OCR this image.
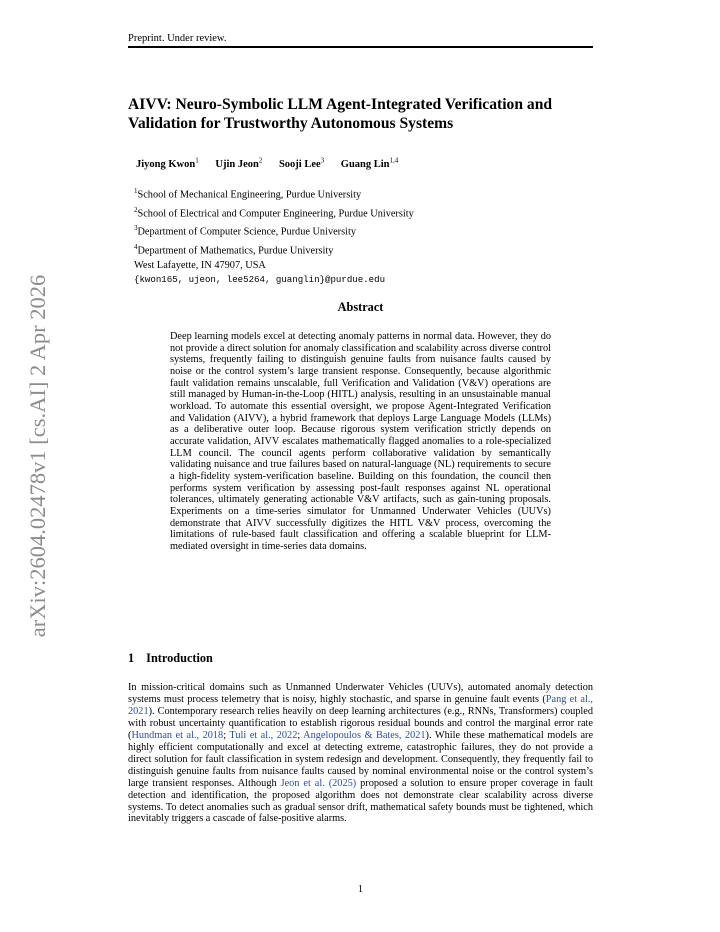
Preprint. Under review.
AIVV: Neuro-Symbolic LLM Agent-Integrated Verification and Validation for Trustworthy Autonomous Systems
Jiyong Kwon$^1$ Ujin Jeon$^2$ Sooji Lee$^3$ Guang Lin$^{1,4}$
$^1$School of Mechanical Engineering, Purdue University
$^2$School of Electrical and Computer Engineering, Purdue University
$^3$Department of Computer Science, Purdue University
$^4$Department of Mathematics, Purdue University
West Lafayette, IN 47907, USA
{kwon165, ujeon, lee5264, guanglin}@purdue.edu
arXiv:2604.02478v1 [cs.AI] 2 Apr 2026	Abstract
Deep learning models excel at detecting anomaly patterns in normal data. However, they do not provide a direct solution for anomaly classification and scalability across diverse control systems, frequently failing to distinguish genuine faults from nuisance faults caused by noise or the control system’s large transient response. Consequently, because algorithmic fault validation remains unscalable, full Verification and Validation (V&V) operations are still managed by Human-in-the-Loop (HITL) analysis, resulting in an unsustainable manual workload. To automate this essential oversight, we propose Agent-Integrated Verification and Validation (AIVV), a hybrid framework that deploys Large Language Models (LLMs) as a deliberative outer loop. Because rigorous system verification strictly depends on accurate validation, AIVV escalates mathematically flagged anomalies to a role-specialized LLM council. The council agents perform collaborative validation by semantically validating nuisance and true failures based on natural-language (NL) requirements to secure a high-fidelity system-verification baseline. Building on this foundation, the council then performs system verification by assessing post-fault responses against NL operational tolerances, ultimately generating actionable V&V artifacts, such as gain-tuning proposals. Experiments on a time-series simulator for Unmanned Underwater Vehicles (UUVs) demonstrate that AIVV successfully digitizes the HITL V&V process, overcoming the limitations of rule-based fault classification and offering a scalable blueprint for LLM-mediated oversight in time-series data domains.
1 Introduction
In mission-critical domains such as Unmanned Underwater Vehicles (UUVs), automated anomaly detection systems must process telemetry that is noisy, highly stochastic, and sparse in genuine fault events (Pang et al., 2021). Contemporary research relies heavily on deep learning architectures (e.g., RNNs, Transformers) coupled with robust uncertainty quantification to establish rigorous residual bounds and control the marginal error rate (Hundman et al., 2018; Tuli et al., 2022; Angelopoulos & Bates, 2021). While these mathematical models are highly efficient computationally and excel at detecting extreme, catastrophic failures, they do not provide a direct solution for fault classification in system redesign and development. Consequently, they frequently fail to distinguish genuine faults from nuisance faults caused by nominal environmental noise or the control system’s large transient responses. Although Jeon et al. (2025) proposed a solution to ensure proper coverage in fault detection and identification, the proposed algorithm does not demonstrate clear scalability across diverse systems. To detect anomalies such as gradual sensor drift, mathematical safety bounds must be tightened, which inevitably triggers a cascade of false-positive alarms.
1
